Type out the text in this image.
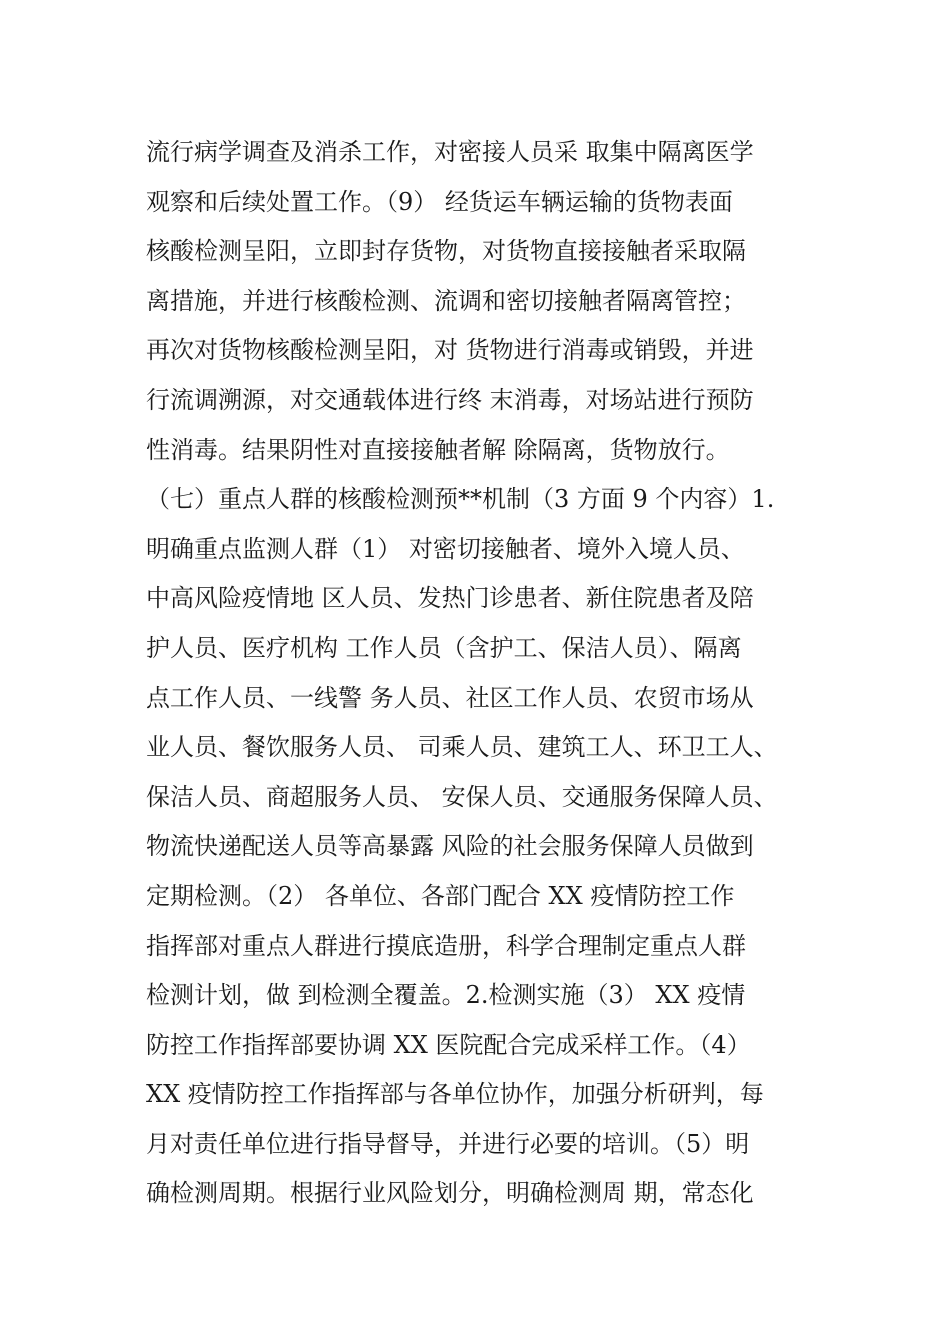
流行病学调查及消杀工作，对密接人员采 取集中隔离医学
观察和后续处置工作。（9） 经货运车辆运输的货物表面
核酸检测呈阳，立即封存货物，对货物直接接触者采取隔
离措施，并进行核酸检测、流调和密切接触者隔离管控；
再次对货物核酸检测呈阳，对 货物进行消毒或销毁，并进
行流调溯源，对交通载体进行终 末消毒，对场站进行预防
性消毒。结果阴性对直接接触者解 除隔离，货物放行。
（七）重点人群的核酸检测预**机制（3 方面 9 个内容）1.
明确重点监测人群（1） 对密切接触者、境外入境人员、
中高风险疫情地 区人员、发热门诊患者、新住院患者及陪
护人员、医疗机构 工作人员（含护工、保洁人员）、隔离
点工作人员、一线警 务人员、社区工作人员、农贸市场从
业人员、餐饮服务人员、 司乘人员、建筑工人、环卫工人、
保洁人员、商超服务人员、 安保人员、交通服务保障人员、
物流快递配送人员等高暴露 风险的社会服务保障人员做到
定期检测。（2） 各单位、各部门配合 XX 疫情防控工作
指挥部对重点人群进行摸底造册，科学合理制定重点人群
检测计划，做 到检测全覆盖。2.检测实施（3） XX 疫情
防控工作指挥部要协调 XX 医院配合完成采样工作。（4）
XX 疫情防控工作指挥部与各单位协作，加强分析研判，每
月对责任单位进行指导督导，并进行必要的培训。（5）明
确检测周期。根据行业风险划分，明确检测周 期，常态化
